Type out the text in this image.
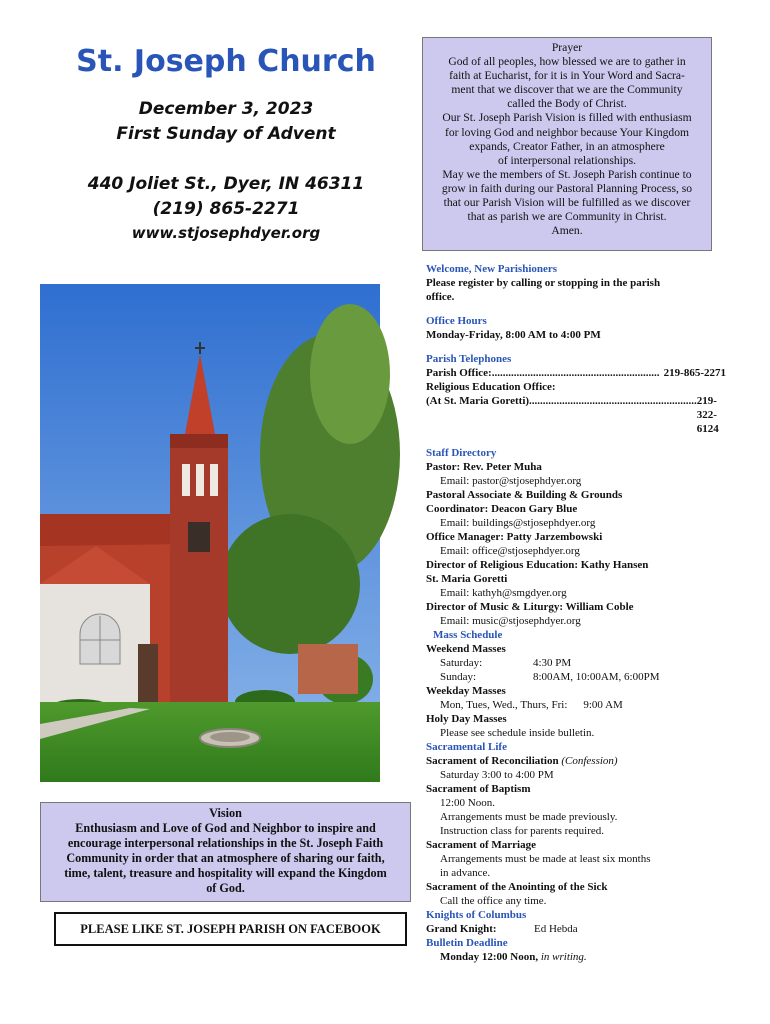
St. Joseph Church
December 3, 2023
First Sunday of Advent
440 Joliet St., Dyer, IN 46311
(219) 865-2271
www.stjosephdyer.org

Prayer

God of all peoples, how blessed we are to gather in

faith at Eucharist, for it is in Your Word and Sacra-

ment that we discover that we are the Community

called the Body of Christ.

Our St. Joseph Parish Vision is filled with enthusiasm

for loving God and neighbor because Your Kingdom

expands, Creator Father, in an atmosphere

of interpersonal relationships.

May we the members of St. Joseph Parish continue to

grow in faith during our Pastoral Planning Process, so

that our Parish Vision will be fulfilled as we discover

that as parish we are Community in Christ.

Amen.

Welcome, New Parishioners
Please register by calling or stopping in the parish
office.
Office Hours
Monday-Friday, 8:00 AM to 4:00 PM
Parish Telephones
Parish Office:............................................................. 219-865-2271
Religious Education Office:
(At St. Maria Goretti)............................................................. 219-322-6124
Staff Directory
Pastor: Rev. Peter Muha
Email: pastor@stjosephdyer.org
Pastoral Associate & Building & Grounds
Coordinator: Deacon Gary Blue
Email: buildings@stjosephdyer.org
Office Manager: Patty Jarzembowski
Email: office@stjosephdyer.org
Director of Religious Education: Kathy Hansen
St. Maria Goretti
Email: kathyh@smgdyer.org
Director of Music & Liturgy: William Coble
Email: music@stjosephdyer.org
Mass Schedule
Weekend Masses
Saturday:	4:30 PM
Sunday:	8:00AM, 10:00AM, 6:00PM
Weekday Masses
Mon, Tues, Wed., Thurs, Fri: 9:00 AM
Holy Day Masses
Please see schedule inside bulletin.
Sacramental Life
Sacrament of Reconciliation (Confession)
Saturday 3:00 to 4:00 PM
Sacrament of Baptism
12:00 Noon.
Arrangements must be made previously.
Instruction class for parents required.
Sacrament of Marriage
Arrangements must be made at least six months
in advance.
Sacrament of the Anointing of the Sick
Call the office any time.
Knights of Columbus
Grand Knight:	Ed Hebda
Bulletin Deadline
Monday 12:00 Noon, in writing.
Vision
Enthusiasm and Love of God and Neighbor to inspire and
encourage interpersonal relationships in the St. Joseph Faith
Community in order that an atmosphere of sharing our faith,
time, talent, treasure and hospitality will expand the Kingdom
of God.
PLEASE LIKE ST. JOSEPH PARISH ON FACEBOOK
